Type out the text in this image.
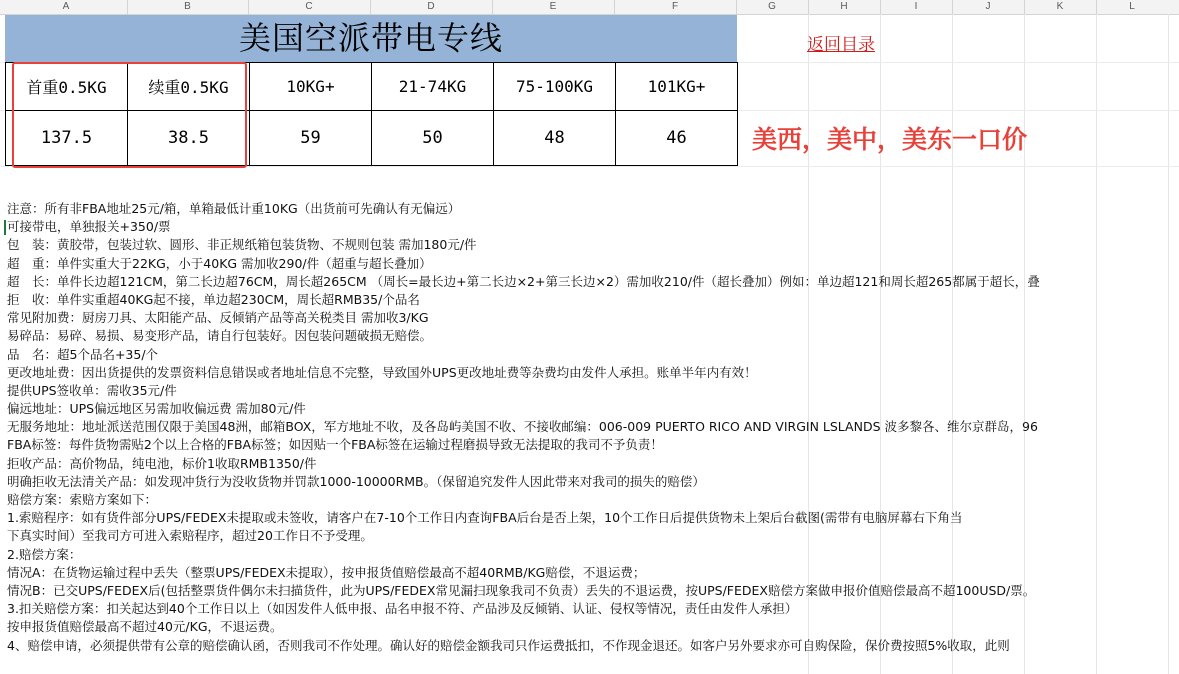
A	B	C	D	E	F	G	H	I	J	K	L
美国空派带电专线	返回目录
首重0.5KG	续重0.5KG	10KG+	21-74KG	75-100KG	101KG+
137.5	38.5	59	50	48	46	美西，美中，美东一口价
注意：所有非FBA地址25元/箱，单箱最低计重10KG（出货前可先确认有无偏远）
可接带电，单独报关+350/票
包　装：黄胶带，包装过软、圆形、非正规纸箱包装货物、不规则包装 需加180元/件
超　重：单件实重大于22KG，小于40KG 需加收290/件（超重与超长叠加）
超　长：单件长边超121CM，第二长边超76CM，周长超265CM （周长=最长边+第二长边×2+第三长边×2）需加收210/件（超长叠加）例如：单边超121和周长超265都属于超长，叠
拒　收：单件实重超40KG起不接，单边超230CM，周长超RMB35/个品名
常见附加费：厨房刀具、太阳能产品、反倾销产品等高关税类目 需加收3/KG
易碎品：易碎、易损、易变形产品，请自行包装好。因包装问题破损无赔偿。
品　名：超5个品名+35/个
更改地址费：因出货提供的发票资料信息错误或者地址信息不完整，导致国外UPS更改地址费等杂费均由发件人承担。账单半年内有效！
提供UPS签收单：需收35元/件
偏远地址：UPS偏远地区另需加收偏远费 需加80元/件
无服务地址：地址派送范围仅限于美国48洲，邮箱BOX，军方地址不收，及各岛屿美国不收、不接收邮编：006-009 PUERTO RICO AND VIRGIN LSLANDS 波多黎各、维尔京群岛，96
FBA标签：每件货物需贴2个以上合格的FBA标签；如因贴一个FBA标签在运输过程磨损导致无法提取的我司不予负责！
拒收产品：高价物品，纯电池，标价1收取RMB1350/件
明确拒收无法清关产品：如发现冲货行为没收货物并罚款1000-10000RMB。（保留追究发件人因此带来对我司的损失的赔偿）
赔偿方案：索赔方案如下：
1.索赔程序：如有货件部分UPS/FEDEX未提取或未签收，请客户在7-10个工作日内查询FBA后台是否上架，10个工作日后提供货物未上架后台截图(需带有电脑屏幕右下角当
下真实时间）至我司方可进入索赔程序，超过20工作日不予受理。
2.赔偿方案：
情况A：在货物运输过程中丢失（整票UPS/FEDEX未提取），按申报货值赔偿最高不超40RMB/KG赔偿，不退运费；
情况B：已交UPS/FEDEX后(包括整票货件偶尔未扫描货件，此为UPS/FEDEX常见漏扫现象我司不负责）丢失的不退运费，按UPS/FEDEX赔偿方案做申报价值赔偿最高不超100USD/票。
3.扣关赔偿方案：扣关起达到40个工作日以上（如因发件人低申报、品名申报不符、产品涉及反倾销、认证、侵权等情况，责任由发件人承担）
按申报货值赔偿最高不超过40元/KG，不退运费。
4、赔偿申请，必须提供带有公章的赔偿确认函，否则我司不作处理。确认好的赔偿金额我司只作运费抵扣，不作现金退还。如客户另外要求亦可自购保险，保价费按照5%收取，此则
